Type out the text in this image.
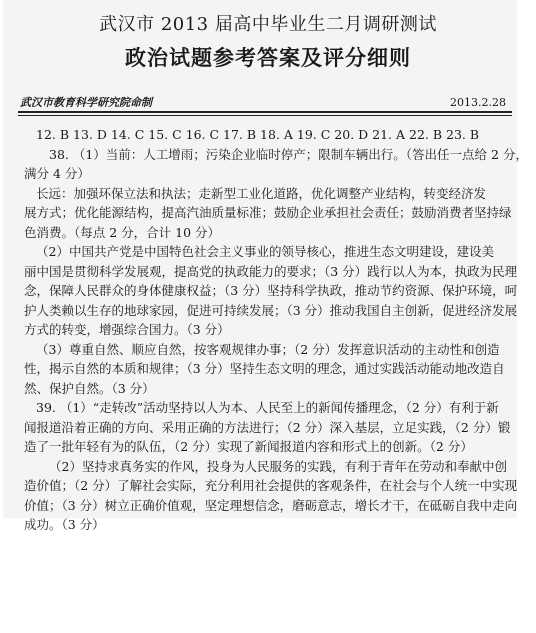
武汉市 2013 届高中毕业生二月调研测试
政治试题参考答案及评分细则
武汉市教育科学研究院命制	2013.2.28
12. B 13. D 14. C 15. C 16. C 17. B 18. A 19. C 20. D 21. A 22. B 23. B
38. （1）当前：人工增雨；污染企业临时停产；限制车辆出行。（答出任一点给 2 分，
满分 4 分）
长远：加强环保立法和执法；走新型工业化道路，优化调整产业结构，转变经济发
展方式；优化能源结构，提高汽油质量标准；鼓励企业承担社会责任；鼓励消费者坚持绿
色消费。（每点 2 分，合计 10 分）
（2）中国共产党是中国特色社会主义事业的领导核心，推进生态文明建设，建设美
丽中国是贯彻科学发展观，提高党的执政能力的要求；（3 分）践行以人为本，执政为民理
念，保障人民群众的身体健康权益；（3 分）坚持科学执政，推动节约资源、保护环境，呵
护人类赖以生存的地球家园，促进可持续发展；（3 分）推动我国自主创新，促进经济发展
方式的转变，增强综合国力。（3 分）
（3）尊重自然、顺应自然，按客观规律办事；（2 分）发挥意识活动的主动性和创造
性，揭示自然的本质和规律；（3 分）坚持生态文明的理念，通过实践活动能动地改造自
然、保护自然。（3 分）
39. （1）“走转改”活动坚持以人为本、人民至上的新闻传播理念，（2 分）有利于新
闻报道沿着正确的方向、采用正确的方法进行；（2 分）深入基层，立足实践，（2 分）锻
造了一批年轻有为的队伍，（2 分）实现了新闻报道内容和形式上的创新。（2 分）
（2）坚持求真务实的作风，投身为人民服务的实践，有利于青年在劳动和奉献中创
造价值；（2 分）了解社会实际，充分利用社会提供的客观条件，在社会与个人统一中实现
价值；（3 分）树立正确价值观，坚定理想信念，磨砺意志，增长才干，在砥砺自我中走向
成功。（3 分）
